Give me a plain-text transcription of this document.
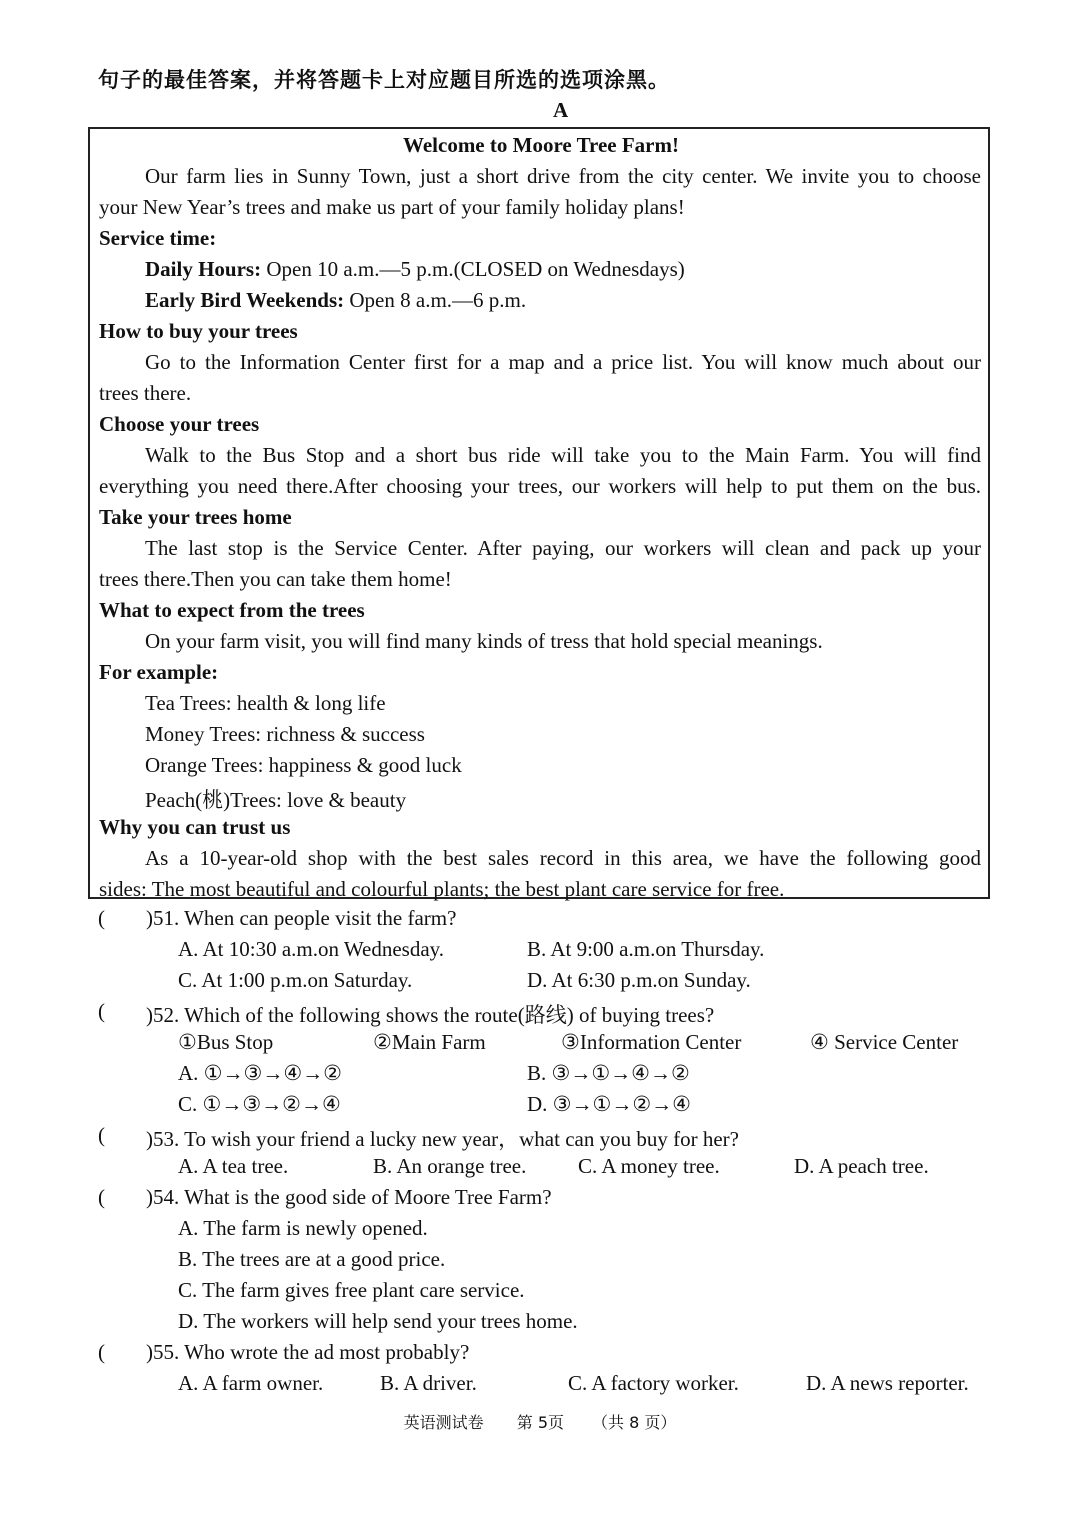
句子的最佳答案，并将答题卡上对应题目所选的选项涂黑。
A
Welcome to Moore Tree Farm!
Our farm lies in Sunny Town, just a short drive from the city center. We invite you to choose
your New Year’s trees and make us part of your family holiday plans!
Service time:
Daily Hours: Open 10 a.m.—5 p.m.(CLOSED on Wednesdays)
Early Bird Weekends: Open 8 a.m.—6 p.m.
How to buy your trees
Go to the Information Center first for a map and a price list. You will know much about our
trees there.
Choose your trees
Walk to the Bus Stop and a short bus ride will take you to the Main Farm. You will find
everything you need there.After choosing your trees, our workers will help to put them on the bus.
Take your trees home
The last stop is the Service Center. After paying, our workers will clean and pack up your
trees there.Then you can take them home!
What to expect from the trees
On your farm visit, you will find many kinds of tress that hold special meanings.
For example:
Tea Trees: health & long life
Money Trees: richness & success
Orange Trees: happiness & good luck
Peach(桃)Trees: love & beauty
Why you can trust us
As a 10-year-old shop with the best sales record in this area, we have the following good
sides: The most beautiful and colourful plants; the best plant care service for free.
( )51. When can people visit the farm?
A. At 10:30 a.m.on Wednesday.	B. At 9:00 a.m.on Thursday.
C. At 1:00 p.m.on Saturday.	D. At 6:30 p.m.on Sunday.
( )52. Which of the following shows the route(路线) of buying trees?
①Bus Stop	②Main Farm	③Information Center	④ Service Center
A. ①→③→④→②	B. ③→①→④→②
C. ①→③→②→④	D. ③→①→②→④
( )53. To wish your friend a lucky new year，what can you buy for her?
A. A tea tree.	B. An orange tree. C. A money tree.	D. A peach tree.
( )54. What is the good side of Moore Tree Farm?
A. The farm is newly opened.
B. The trees are at a good price.
C. The farm gives free plant care service.
D. The workers will help send your trees home.
( )55. Who wrote the ad most probably?
A. A farm owner.	B. A driver.	C. A factory worker.	D. A news reporter.
英语测试卷 第 5页 （共 8 页）
